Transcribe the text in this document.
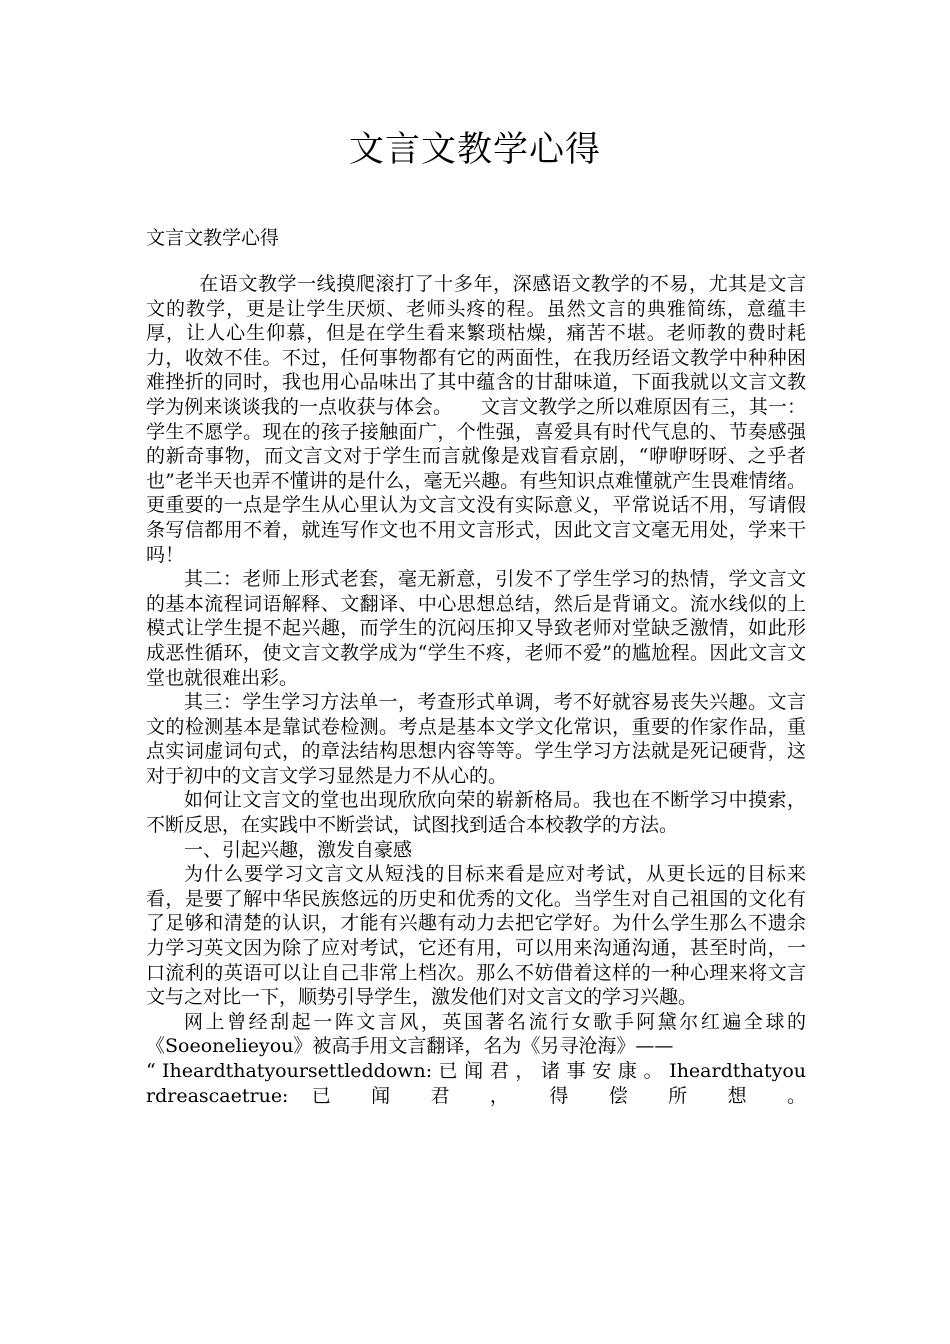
文言文教学心得
文言文教学心得

在语文教学一线摸爬滚打了十多年，深感语文教学的不易，尤其是文言文的教学，更是让学生厌烦、老师头疼的程。虽然文言的典雅简练，意蕴丰厚，让人心生仰慕，但是在学生看来繁琐枯燥，痛苦不堪。老师教的费时耗力，收效不佳。不过，任何事物都有它的两面性，在我历经语文教学中种种困难挫折的同时，我也用心品味出了其中蕴含的甘甜味道，下面我就以文言文教学为例来谈谈我的一点收获与体会。　　文言文教学之所以难原因有三，其一：学生不愿学。现在的孩子接触面广，个性强，喜爱具有时代气息的、节奏感强的新奇事物，而文言文对于学生而言就像是戏盲看京剧，“咿咿呀呀、之乎者也”老半天也弄不懂讲的是什么，毫无兴趣。有些知识点难懂就产生畏难情绪。更重要的一点是学生从心里认为文言文没有实际意义，平常说话不用，写请假条写信都用不着，就连写作文也不用文言形式，因此文言文毫无用处，学来干吗！

其二：老师上形式老套，毫无新意，引发不了学生学习的热情，学文言文的基本流程词语解释、文翻译、中心思想总结，然后是背诵文。流水线似的上模式让学生提不起兴趣，而学生的沉闷压抑又导致老师对堂缺乏激情，如此形成恶性循环，使文言文教学成为“学生不疼，老师不爱”的尴尬程。因此文言文堂也就很难出彩。

其三：学生学习方法单一，考查形式单调，考不好就容易丧失兴趣。文言文的检测基本是靠试卷检测。考点是基本文学文化常识，重要的作家作品，重点实词虚词句式，的章法结构思想内容等等。学生学习方法就是死记硬背，这对于初中的文言文学习显然是力不从心的。

如何让文言文的堂也出现欣欣向荣的崭新格局。我也在不断学习中摸索，不断反思，在实践中不断尝试，试图找到适合本校教学的方法。

一、引起兴趣，激发自豪感

为什么要学习文言文从短浅的目标来看是应对考试，从更长远的目标来看，是要了解中华民族悠远的历史和优秀的文化。当学生对自己祖国的文化有了足够和清楚的认识，才能有兴趣有动力去把它学好。为什么学生那么不遗余力学习英文因为除了应对考试，它还有用，可以用来沟通沟通，甚至时尚，一口流利的英语可以让自己非常上档次。那么不妨借着这样的一种心理来将文言文与之对比一下，顺势引导学生，激发他们对文言文的学习兴趣。

网上曾经刮起一阵文言风，英国著名流行女歌手阿黛尔红遍全球的《Soeonelieyou》被高手用文言翻译，名为《另寻沧海》——

“ Iheardthatyoursettleddown: 已 闻 君 ， 诸 事 安 康 。 Iheardthatyourdreascaetrue: 已 闻 君 ， 得 偿 所 想 。
